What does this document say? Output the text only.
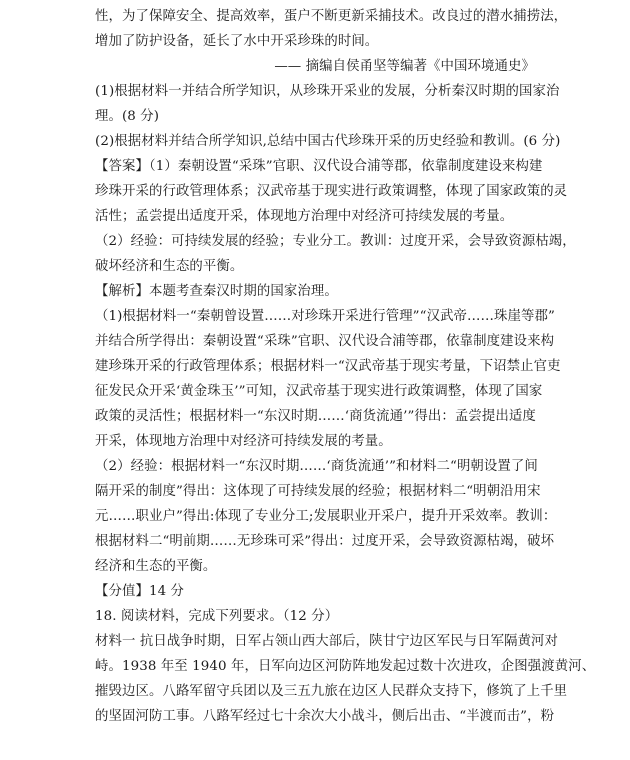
性，为了保障安全、提高效率，蛋户不断更新采捕技术。改良过的潜水捕捞法，
增加了防护设备，延长了水中开采珍珠的时间。
—— 摘编自侯甬坚等编著《中国环境通史》
(1)根据材料一并结合所学知识，从珍珠开采业的发展，分析秦汉时期的国家治
理。(8 分)
(2)根据材料并结合所学知识,总结中国古代珍珠开采的历史经验和教训。(6 分)
【答案】（1）秦朝设置“采珠”官职、汉代设合浦等郡，依靠制度建设来构建
珍珠开采的行政管理体系；汉武帝基于现实进行政策调整，体现了国家政策的灵
活性；孟尝提出适度开采，体现地方治理中对经济可持续发展的考量。
（2）经验：可持续发展的经验；专业分工。教训：过度开采，会导致资源枯竭，
破坏经济和生态的平衡。
【解析】本题考查秦汉时期的国家治理。
（1)根据材料一“秦朝曾设置……对珍珠开采进行管理”“汉武帝……珠崖等郡”
并结合所学得出：秦朝设置“采珠”官职、汉代设合浦等郡，依靠制度建设来构
建珍珠开采的行政管理体系；根据材料一“汉武帝基于现实考量，下诏禁止官吏
征发民众开采‘黄金珠玉’”可知，汉武帝基于现实进行政策调整，体现了国家
政策的灵活性；根据材料一“东汉时期……‘商货流通’”得出：孟尝提出适度
开采，体现地方治理中对经济可持续发展的考量。
（2）经验：根据材料一“东汉时期……‘商货流通’”和材料二“明朝设置了间
隔开采的制度”得出：这体现了可持续发展的经验；根据材料二“明朝沿用宋
元……职业户”得出:体现了专业分工;发展职业开采户，提升开采效率。教训：
根据材料二“明前期……无珍珠可采”得出：过度开采，会导致资源枯竭，破坏
经济和生态的平衡。
【分值】14 分
18. 阅读材料，完成下列要求。（12 分）
材料一 抗日战争时期，日军占领山西大部后，陕甘宁边区军民与日军隔黄河对
峙。1938 年至 1940 年，日军向边区河防阵地发起过数十次进攻，企图强渡黄河、
摧毁边区。八路军留守兵团以及三五九旅在边区人民群众支持下，修筑了上千里
的坚固河防工事。八路军经过七十余次大小战斗，侧后出击、“半渡而击”，粉
